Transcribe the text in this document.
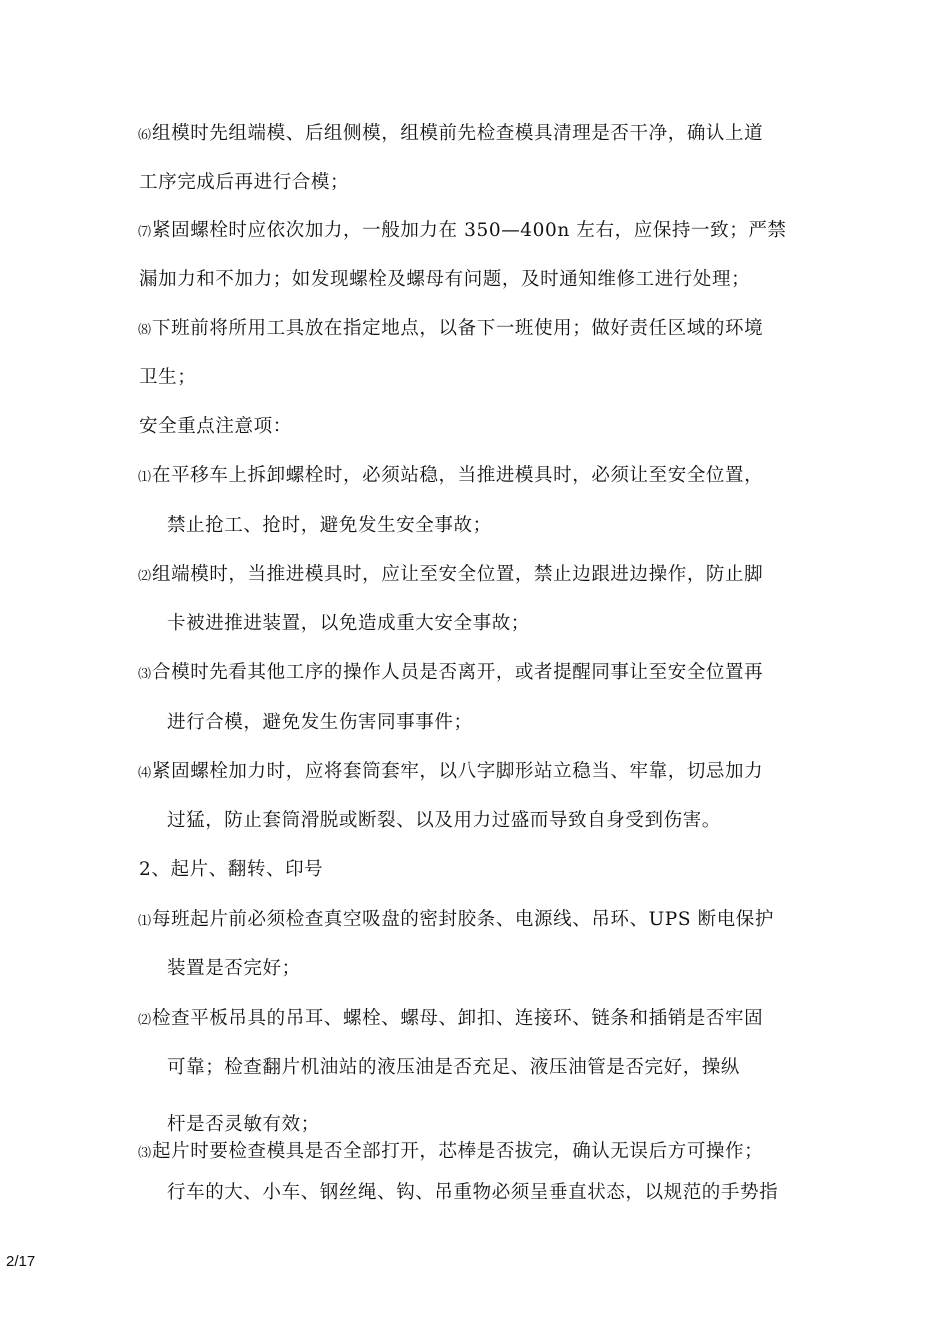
⑹组模时先组端模、后组侧模，组模前先检查模具清理是否干净，确认上道
工序完成后再进行合模；
⑺紧固螺栓时应依次加力，一般加力在 350—400n 左右，应保持一致；严禁
漏加力和不加力；如发现螺栓及螺母有问题，及时通知维修工进行处理；
⑻下班前将所用工具放在指定地点，以备下一班使用；做好责任区域的环境
卫生；
安全重点注意项：
⑴在平移车上拆卸螺栓时，必须站稳，当推进模具时，必须让至安全位置，
禁止抢工、抢时，避免发生安全事故；
⑵组端模时，当推进模具时，应让至安全位置，禁止边跟进边操作，防止脚
卡被进推进装置，以免造成重大安全事故；
⑶合模时先看其他工序的操作人员是否离开，或者提醒同事让至安全位置再
进行合模，避免发生伤害同事事件；
⑷紧固螺栓加力时，应将套筒套牢，以八字脚形站立稳当、牢靠，切忌加力
过猛，防止套筒滑脱或断裂、以及用力过盛而导致自身受到伤害。
2、起片、翻转、印号
⑴每班起片前必须检查真空吸盘的密封胶条、电源线、吊环、UPS 断电保护
装置是否完好；
⑵检查平板吊具的吊耳、螺栓、螺母、卸扣、连接环、链条和插销是否牢固
可靠；检查翻片机油站的液压油是否充足、液压油管是否完好，操纵
杆是否灵敏有效；
⑶起片时要检查模具是否全部打开，芯棒是否拔完，确认无误后方可操作；
行车的大、小车、钢丝绳、钩、吊重物必须呈垂直状态，以规范的手势指
2/17
